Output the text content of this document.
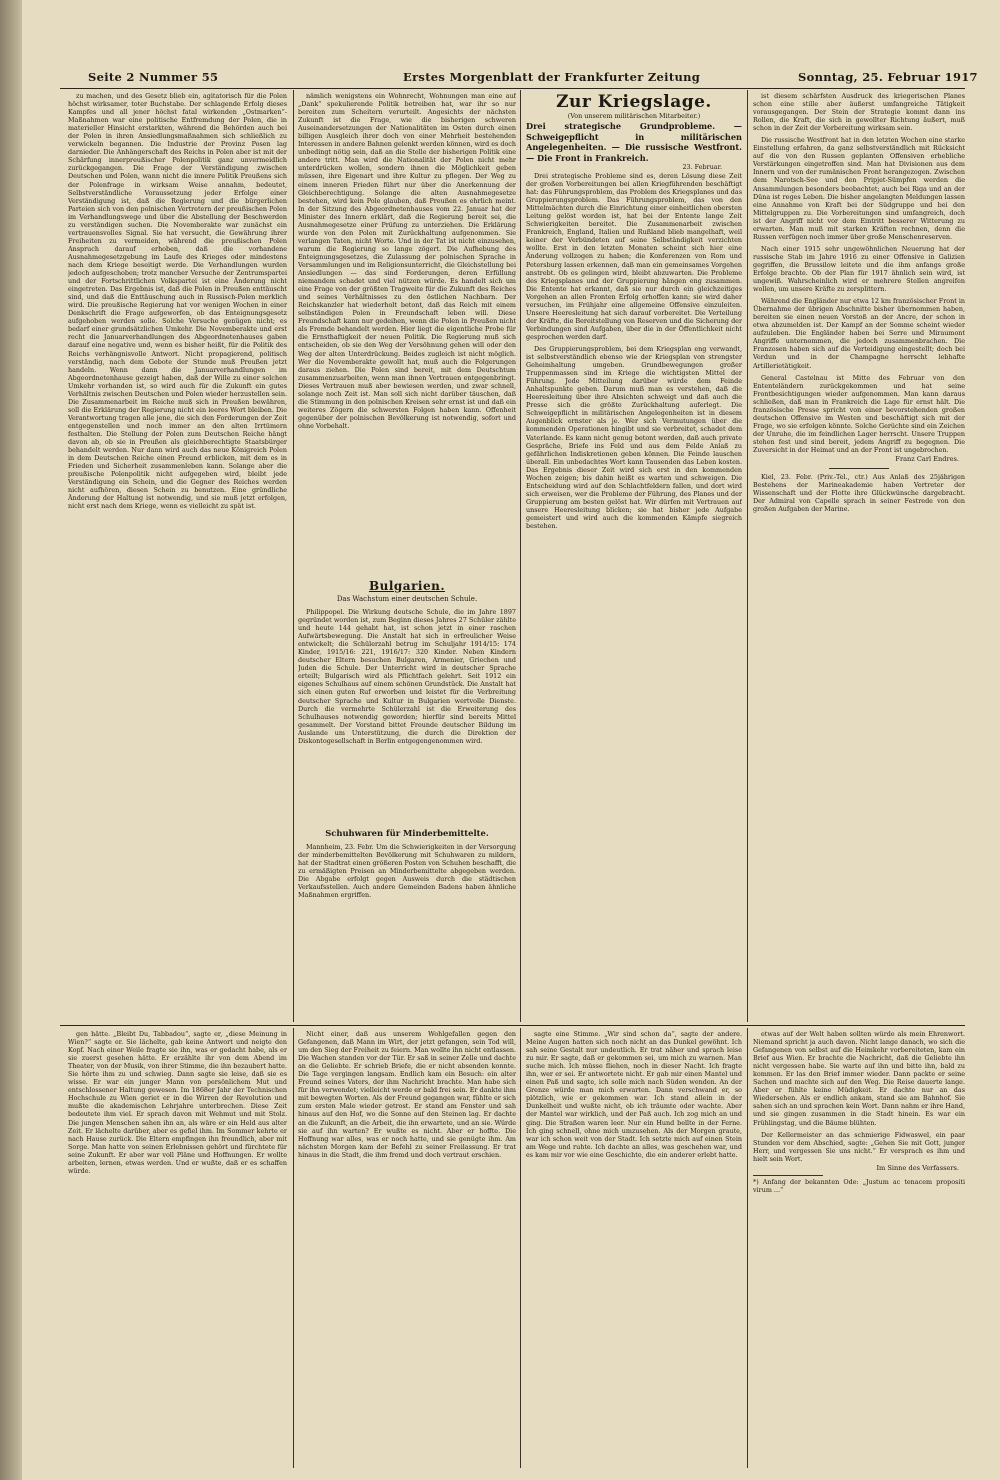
Seite 2 Nummer 55	Erstes Morgenblatt der Frankfurter Zeitung	Sonntag, 25. Februar 1917

zu machen, und des Gesetz blieb ein, agitatorisch für die Polen höchst wirksamer, toter Buchstabe. Der schlagende Erfolg dieses Kampfes und all jener höchst fatal wirkenden „Ostmarken“-Maßnahmen war eine politische Entfremdung der Polen, die in materieller Hinsicht erstarkten, während die Behörden auch bei der Polen in ihren Ansiedlungsmaßnahmen sich schließlich zu verwickeln begannen. Die Industrie der Provinz Posen lag darnieder. Die Anhängerschaft des Reichs in Polen aber ist mit der Schärfung innerpreußischer Polenpolitik ganz unvermeidlich zurückgegangen. Die Frage der Verständigung zwischen Deutschen und Polen, wann nicht die innere Politik Preußens sich der Polenfrage in wirksam Weise annahm, bedeutet, Selbstverständliche Voraussetzung jeder Erfolge einer Verständigung ist, daß die Regierung und die bürgerlichen Parteien sich von den polnischen Vertretern der preußischen Polen im Verhandlungswege und über die Abstellung der Beschwerden zu verständigen suchen. Die Novemberakte war zunächst ein vertrauensvolles Signal. Sie hat versucht, die Gewährung ihrer Freiheiten zu vermeiden, während die preußischen Polen Anspruch darauf erhoben, daß die vorhandene Ausnahmegesetzgebung im Laufe des Krieges oder mindestens nach dem Kriege beseitigt werde. Die Verhandlungen wurden jedoch aufgeschoben; trotz mancher Versuche der Zentrumspartei und der Fortschrittlichen Volkspartei ist eine Änderung nicht eingetreten. Das Ergebnis ist, daß die Polen in Preußen enttäuscht sind, und daß die Enttäuschung auch in Russisch-Polen merklich wird. Die preußische Regierung hat vor wenigen Wochen in einer Denkschrift die Frage aufgeworfen, ob das Enteignungsgesetz aufgehoben werden solle. Solche Versuche genügen nicht; es bedarf einer grundsätzlichen Umkehr. Die Novemberakte und erst recht die Januarverhandlungen des Abgeordnetenhauses gaben darauf eine negative und, wenn es bisher heißt, für die Politik des Reichs verhängnisvolle Antwort. Nicht propagierend, politisch verständig, nach dem Gebote der Stunde muß Preußen jetzt handeln. Wenn dann die Januarverhandlungen im Abgeordnetenhause gezeigt haben, daß der Wille zu einer solchen Umkehr vorhanden ist, so wird auch für die Zukunft ein gutes Verhältnis zwischen Deutschen und Polen wieder herzustellen sein. Die Zusammenarbeit im Reiche muß sich in Preußen bewähren, soll die Erklärung der Regierung nicht ein leeres Wort bleiben. Die Verantwortung tragen alle jene, die sich den Forderungen der Zeit entgegenstellen und noch immer an den alten Irrtümern festhalten. Die Stellung der Polen zum Deutschen Reiche hängt davon ab, ob sie in Preußen als gleichberechtigte Staatsbürger behandelt werden. Nur dann wird auch das neue Königreich Polen in dem Deutschen Reiche einen Freund erblicken, mit dem es in Frieden und Sicherheit zusammenleben kann. Solange aber die preußische Polenpolitik nicht aufgegeben wird, bleibt jede Verständigung ein Schein, und die Gegner des Reiches werden nicht aufhören, diesen Schein zu benutzen. Eine gründliche Änderung der Haltung ist notwendig, und sie muß jetzt erfolgen, nicht erst nach dem Kriege, wenn es vielleicht zu spät ist.

nämlich wenigstens ein Wohnrecht, Wohnungen man eine auf „Dank“ spekulierende Politik betreiben hat, war ihr so nur bereiten zum Scheitern verurteilt. Angesichts der nächsten Zukunft ist die Frage, wie die bisherigen schweren Auseinandersetzungen der Nationalitäten im Osten durch einen billigen Ausgleich ihrer doch von einer Mehrheit bestehenden Interessen in andere Bahnen gelenkt werden können, wird es doch unbedingt nötig sein, daß an die Stelle der bisherigen Politik eine andere tritt. Man wird die Nationalität der Polen nicht mehr unterdrücken wollen, sondern ihnen die Möglichkeit geben müssen, ihre Eigenart und ihre Kultur zu pflegen. Der Weg zu einem inneren Frieden führt nur über die Anerkennung der Gleichberechtigung. Solange die alten Ausnahmegesetze bestehen, wird kein Pole glauben, daß Preußen es ehrlich meint. In der Sitzung des Abgeordnetenhauses vom 22. Januar hat der Minister des Innern erklärt, daß die Regierung bereit sei, die Ausnahmegesetze einer Prüfung zu unterziehen. Die Erklärung wurde von den Polen mit Zurückhaltung aufgenommen. Sie verlangen Taten, nicht Worte. Und in der Tat ist nicht einzusehen, warum die Regierung so lange zögert. Die Aufhebung des Enteignungsgesetzes, die Zulassung der polnischen Sprache in Versammlungen und im Religionsunterricht, die Gleichstellung bei Ansiedlungen — das sind Forderungen, deren Erfüllung niemandem schadet und viel nützen würde. Es handelt sich um eine Frage von der größten Tragweite für die Zukunft des Reiches und seines Verhältnisses zu den östlichen Nachbarn. Der Reichskanzler hat wiederholt betont, daß das Reich mit einem selbständigen Polen in Freundschaft leben will. Diese Freundschaft kann nur gedeihen, wenn die Polen in Preußen nicht als Fremde behandelt werden. Hier liegt die eigentliche Probe für die Ernsthaftigkeit der neuen Politik. Die Regierung muß sich entscheiden, ob sie den Weg der Versöhnung gehen will oder den Weg der alten Unterdrückung. Beides zugleich ist nicht möglich. Wer die Novemberakte gewollt hat, muß auch die Folgerungen daraus ziehen. Die Polen sind bereit, mit dem Deutschtum zusammenzuarbeiten, wenn man ihnen Vertrauen entgegenbringt. Dieses Vertrauen muß aber bewiesen werden, und zwar schnell, solange noch Zeit ist. Man soll sich nicht darüber täuschen, daß die Stimmung in den polnischen Kreisen sehr ernst ist und daß ein weiteres Zögern die schwersten Folgen haben kann. Offenheit gegenüber der polnischen Bevölkerung ist notwendig, sofort und ohne Vorbehalt.

Bulgarien.
Das Wachstum einer deutschen Schule.

Philippopel. Die Wirkung deutsche Schule, die im Jahre 1897 gegründet worden ist, zum Beginn dieses Jahres 27 Schüler zählte und heute 144 gehabt hat, ist schon jetzt in einer raschen Aufwärtsbewegung. Die Anstalt hat sich in erfreulicher Weise entwickelt; die Schülerzahl betrug im Schuljahr 1914/15: 174 Kinder, 1915/16: 221, 1916/17: 320 Kinder. Neben Kindern deutscher Eltern besuchen Bulgaren, Armenier, Griechen und Juden die Schule. Der Unterricht wird in deutscher Sprache erteilt; Bulgarisch wird als Pflichtfach gelehrt. Seit 1912 ein eigenes Schulhaus auf einem schönen Grundstück. Die Anstalt hat sich einen guten Ruf erworben und leistet für die Verbreitung deutscher Sprache und Kultur in Bulgarien wertvolle Dienste. Durch die vermehrte Schülerzahl ist die Erweiterung des Schulhauses notwendig geworden; hierfür sind bereits Mittel gesammelt. Der Vorstand bittet Freunde deutscher Bildung im Auslande um Unterstützung, die durch die Direktion der Diskontogesellschaft in Berlin entgegengenommen wird.

Schuhwaren für Minderbemittelte.

Mannheim, 23. Febr. Um die Schwierigkeiten in der Versorgung der minderbemittelten Bevölkerung mit Schuhwaren zu mildern, hat der Stadtrat einen größeren Posten von Schuhen beschafft, die zu ermäßigten Preisen an Minderbemittelte abgegeben werden. Die Abgabe erfolgt gegen Ausweis durch die städtischen Verkaufsstellen. Auch andere Gemeinden Badens haben ähnliche Maßnahmen ergriffen.

Zur Kriegslage.
(Von unserem militärischen Mitarbeiter.)
Drei strategische Grundprobleme. — Schweigepflicht in militärischen Angelegenheiten. — Die russische Westfront. — Die Front in Frankreich.
23. Februar.

Drei strategische Probleme sind es, deren Lösung diese Zeit der großen Vorbereitungen bei allen Kriegführenden beschäftigt hat: das Führungsproblem, das Problem des Kriegsplanes und das Gruppierungsproblem. Das Führungsproblem, das von den Mittelmächten durch die Einrichtung einer einheitlichen obersten Leitung gelöst worden ist, hat bei der Entente lange Zeit Schwierigkeiten bereitet. Die Zusammenarbeit zwischen Frankreich, England, Italien und Rußland blieb mangelhaft, weil keiner der Verbündeten auf seine Selbständigkeit verzichten wollte. Erst in den letzten Monaten scheint sich hier eine Änderung vollzogen zu haben; die Konferenzen von Rom und Petersburg lassen erkennen, daß man ein gemeinsames Vorgehen anstrebt. Ob es gelingen wird, bleibt abzuwarten. Die Probleme des Kriegsplanes und der Gruppierung hängen eng zusammen. Die Entente hat erkannt, daß sie nur durch ein gleichzeitiges Vorgehen an allen Fronten Erfolg erhoffen kann; sie wird daher versuchen, im Frühjahr eine allgemeine Offensive einzuleiten. Unsere Heeresleitung hat sich darauf vorbereitet. Die Verteilung der Kräfte, die Bereitstellung von Reserven und die Sicherung der Verbindungen sind Aufgaben, über die in der Öffentlichkeit nicht gesprochen werden darf.

Des Gruppierungsproblem, bei dem Kriegsplan eng verwandt, ist selbstverständlich ebenso wie der Kriegsplan von strengster Geheimhaltung umgeben. Grundbewegungen großer Truppenmassen sind im Kriege die wichtigsten Mittel der Führung. Jede Mitteilung darüber würde dem Feinde Anhaltspunkte geben. Darum muß man es verstehen, daß die Heeresleitung über ihre Absichten schweigt und daß auch die Presse sich die größte Zurückhaltung auferlegt. Die Schweigepflicht in militärischen Angelegenheiten ist in diesem Augenblick ernster als je. Wer sich Vermutungen über die kommenden Operationen hingibt und sie verbreitet, schadet dem Vaterlande. Es kann nicht genug betont werden, daß auch private Gespräche, Briefe ins Feld und aus dem Felde Anlaß zu gefährlichen Indiskretionen geben können. Die Feinde lauschen überall. Ein unbedachtes Wort kann Tausenden das Leben kosten. Das Ergebnis dieser Zeit wird sich erst in den kommenden Wochen zeigen; bis dahin heißt es warten und schweigen. Die Entscheidung wird auf den Schlachtfeldern fallen, und dort wird sich erweisen, wer die Probleme der Führung, des Planes und der Gruppierung am besten gelöst hat. Wir dürfen mit Vertrauen auf unsere Heeresleitung blicken; sie hat bisher jede Aufgabe gemeistert und wird auch die kommenden Kämpfe siegreich bestehen.

ist diesem schärfsten Ausdruck des kriegerischen Planes schon eine stille aber äußerst umfangreiche Tätigkeit vorausgegangen. Der Stein der Strategie kommt dann ins Rollen, die Kraft, die sich in gewollter Richtung äußert, muß schon in der Zeit der Vorbereitung wirksam sein.

Die russische Westfront hat in den letzten Wochen eine starke Einstellung erfahren, da ganz selbstverständlich mit Rücksicht auf die von den Russen geplanten Offensiven erhebliche Verstärkungen eingetroffen sind. Man hat Divisionen aus dem Innern und von der rumänischen Front herangezogen. Zwischen dem Narotsch-See und den Pripjet-Sümpfen werden die Ansammlungen besonders beobachtet; auch bei Riga und an der Düna ist reges Leben. Die bisher angelangten Meldungen lassen eine Annahme von Kraft bei der Südgruppe und bei den Mittelgruppen zu. Die Vorbereitungen sind umfangreich, doch ist der Angriff nicht vor dem Eintritt besserer Witterung zu erwarten. Man muß mit starken Kräften rechnen, denn die Russen verfügen noch immer über große Menschenreserven.

Nach einer 1915 sehr ungewöhnlichen Neuerung hat der russische Stab im Jahre 1916 zu einer Offensive in Galizien gegriffen, die Brussilow leitete und die ihm anfangs große Erfolge brachte. Ob der Plan für 1917 ähnlich sein wird, ist ungewiß. Wahrscheinlich wird er mehrere Stellen angreifen wollen, um unsere Kräfte zu zersplittern.

Während die Engländer nur etwa 12 km französischer Front in Übernahme der übrigen Abschnitte bisher übernommen haben, bereiten sie einen neuen Vorstoß an der Ancre, der schon in etwa abzumelden ist. Der Kampf an der Somme scheint wieder aufzuleben. Die Engländer haben bei Serre und Miraumont Angriffe unternommen, die jedoch zusammenbrachen. Die Franzosen haben sich auf die Verteidigung eingestellt; doch bei Verdun und in der Champagne herrscht lebhafte Artillerietätigkeit.

General Castelnau ist Mitte des Februar von den Ententeländern zurückgekommen und hat seine Frontbesichtigungen wieder aufgenommen. Man kann daraus schließen, daß man in Frankreich die Lage für ernst hält. Die französische Presse spricht von einer bevorstehenden großen deutschen Offensive im Westen und beschäftigt sich mit der Frage, wo sie erfolgen könnte. Solche Gerüchte sind ein Zeichen der Unruhe, die im feindlichen Lager herrscht. Unsere Truppen stehen fest und sind bereit, jedem Angriff zu begegnen. Die Zuversicht in der Heimat und an der Front ist ungebrochen.

Franz Carl Endres.

Kiel, 23. Febr. (Priv.-Tel., ctr.) Aus Anlaß des 25jährigen Bestehens der Marineakademie haben Vertreter der Wissenschaft und der Flotte ihre Glückwünsche dargebracht. Der Admiral von Capelle sprach in seiner Festrede von den großen Aufgaben der Marine.

gen hätte. „Bleibt Du, Tabbadou“, sagte er, „diese Meinung in Wien?“ sagte er. Sie lächelte, gab keine Antwort und neigte den Kopf. Nach einer Weile fragte sie ihn, was er gedacht habe, als er sie zuerst gesehen hätte. Er erzählte ihr von dem Abend im Theater, von der Musik, von ihrer Stimme, die ihn bezaubert hatte. Sie hörte ihm zu und schwieg. Dann sagte sie leise, daß sie es wisse. Er war ein junger Mann von persönlichem Mut und entschlossener Haltung gewesen. Im 1868er Jahr der Technischen Hochschule zu Wien geriet er in die Wirren der Revolution und mußte die akademischen Lehrjahre unterbrechen. Diese Zeit bedeutete ihm viel. Er sprach davon mit Wehmut und mit Stolz. Die jungen Menschen sahen ihn an, als wäre er ein Held aus alter Zeit. Er lächelte darüber, aber es gefiel ihm. Im Sommer kehrte er nach Hause zurück. Die Eltern empfingen ihn freundlich, aber mit Sorge. Man hatte von seinen Erlebnissen gehört und fürchtete für seine Zukunft. Er aber war voll Pläne und Hoffnungen. Er wollte arbeiten, lernen, etwas werden. Und er wußte, daß er es schaffen würde.

Nicht einer, daß aus unserem Wohlgefallen gegen den Gefangenen, daß Mann im Wirt, der jetzt gefangen, sein Tod will, um den Sieg der Freiheit zu feiern. Man wollte ihn nicht entlassen. Die Wachen standen vor der Tür. Er saß in seiner Zelle und dachte an die Geliebte. Er schrieb Briefe, die er nicht absenden konnte. Die Tage vergingen langsam. Endlich kam ein Besuch: ein alter Freund seines Vaters, der ihm Nachricht brachte. Man habe sich für ihn verwendet; vielleicht werde er bald frei sein. Er dankte ihm mit bewegten Worten. Als der Freund gegangen war, fühlte er sich zum ersten Male wieder getrost. Er stand am Fenster und sah hinaus auf den Hof, wo die Sonne auf den Steinen lag. Er dachte an die Zukunft, an die Arbeit, die ihn erwartete, und an sie. Würde sie auf ihn warten? Er wußte es nicht. Aber er hoffte. Die Hoffnung war alles, was er noch hatte, und sie genügte ihm. Am nächsten Morgen kam der Befehl zu seiner Freilassung. Er trat hinaus in die Stadt, die ihm fremd und doch vertraut erschien.

sagte eine Stimme. „Wir sind schon da“, sagte der andere. Meine Augen hatten sich noch nicht an das Dunkel gewöhnt. Ich sah seine Gestalt nur undeutlich. Er trat näher und sprach leise zu mir. Er sagte, daß er gekommen sei, um mich zu warnen. Man suche mich. Ich müsse fliehen, noch in dieser Nacht. Ich fragte ihn, wer er sei. Er antwortete nicht. Er gab mir einen Mantel und einen Paß und sagte, ich solle mich nach Süden wenden. An der Grenze würde man mich erwarten. Dann verschwand er, so plötzlich, wie er gekommen war. Ich stand allein in der Dunkelheit und wußte nicht, ob ich träumte oder wachte. Aber der Mantel war wirklich, und der Paß auch. Ich zog mich an und ging. Die Straßen waren leer. Nur ein Hund bellte in der Ferne. Ich ging schnell, ohne mich umzusehen. Als der Morgen graute, war ich schon weit von der Stadt. Ich setzte mich auf einen Stein am Wege und ruhte. Ich dachte an alles, was geschehen war, und es kam mir vor wie eine Geschichte, die ein anderer erlebt hatte.

etwas auf der Welt haben sollten würde als mein Ehrenwort. Niemand spricht ja auch davon. Nicht lange danach, wo sich die Gefangenen von selbst auf die Heimkehr vorbereiteten, kam ein Brief aus Wien. Er brachte die Nachricht, daß die Geliebte ihn nicht vergessen habe. Sie warte auf ihn und bitte ihn, bald zu kommen. Er las den Brief immer wieder. Dann packte er seine Sachen und machte sich auf den Weg. Die Reise dauerte lange. Aber er fühlte keine Müdigkeit. Er dachte nur an das Wiedersehen. Als er endlich ankam, stand sie am Bahnhof. Sie sahen sich an und sprachen kein Wort. Dann nahm er ihre Hand, und sie gingen zusammen in die Stadt hinein. Es war ein Frühlingstag, und die Bäume blühten.

Der Kellermeister an das schmierige Fidwaswel, ein paar Stunden vor dem Abschied, sagte: „Gehen Sie mit Gott, junger Herr, und vergessen Sie uns nicht.“ Er versprach es ihm und hielt sein Wort.

Im Sinne des Verfassers.

*) Anfang der bekannten Ode: „Justum ac tenacem propositi virum ...“
